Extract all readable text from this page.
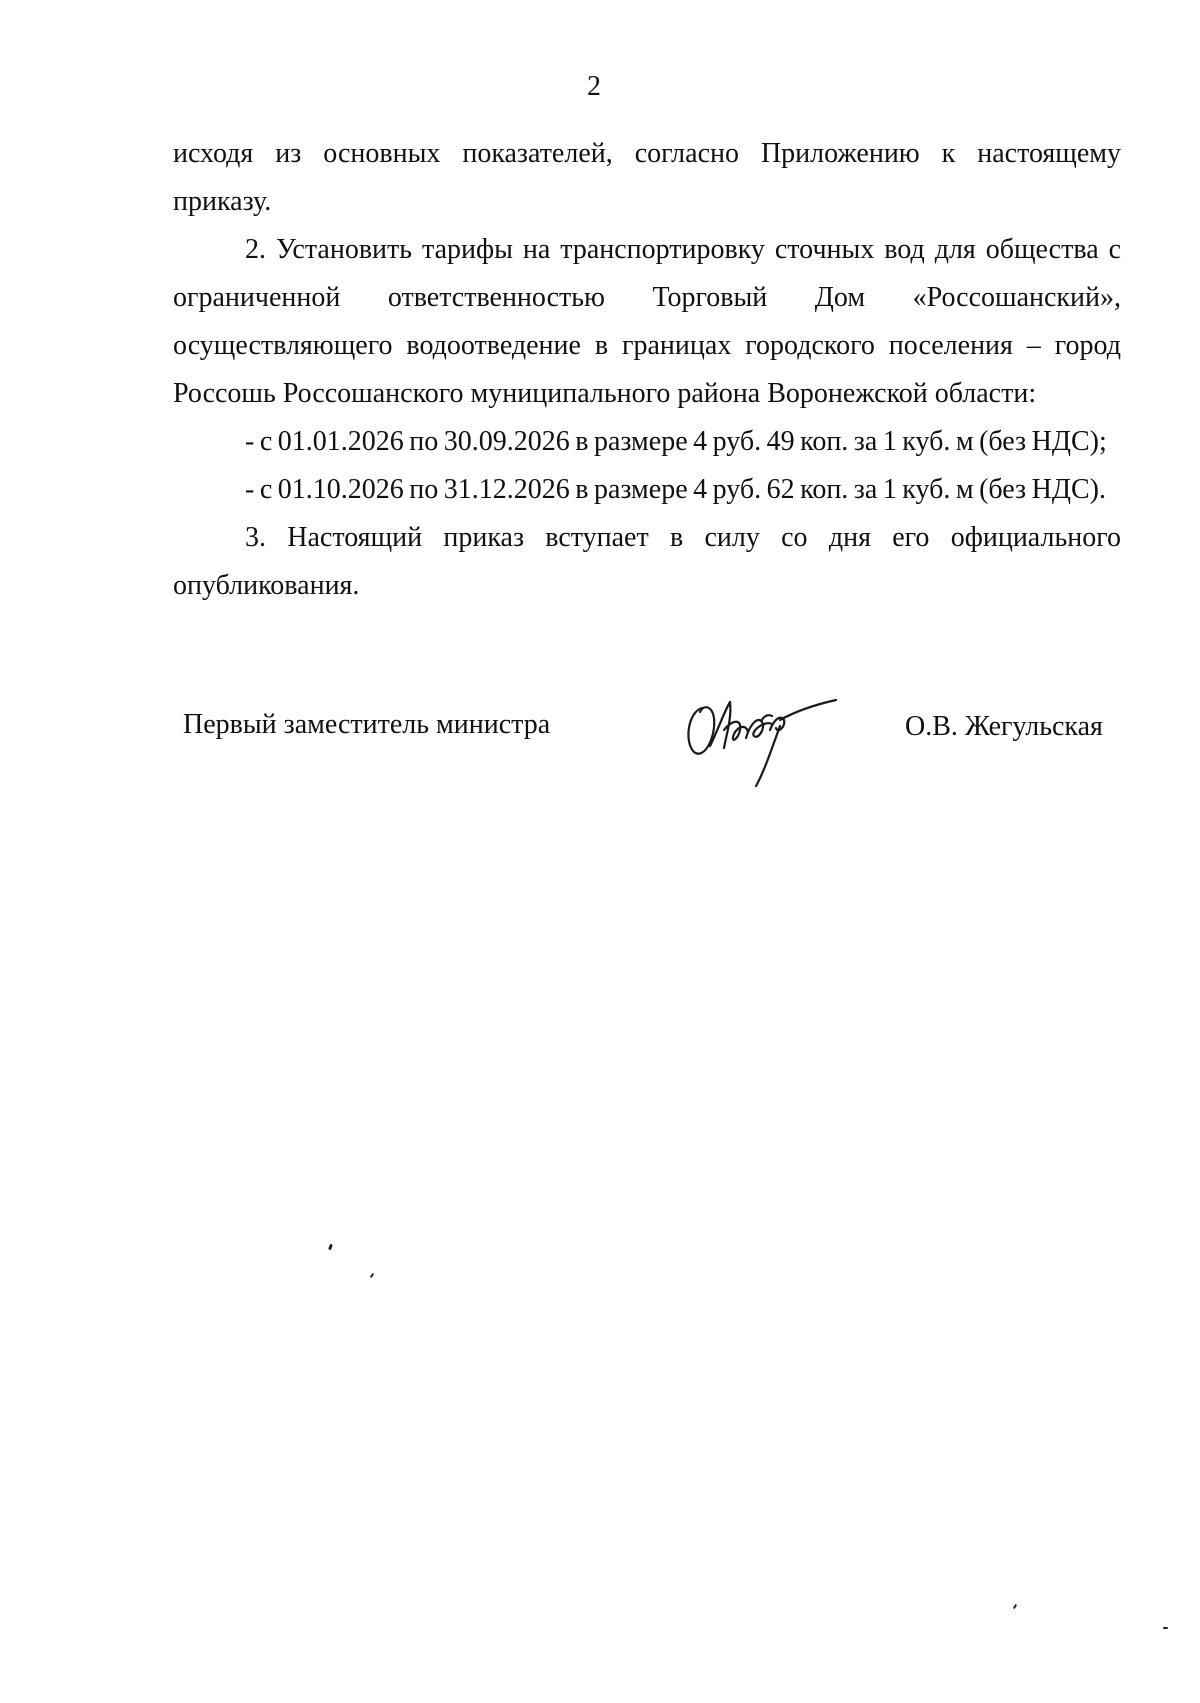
2

исходя из основных показателей, согласно Приложению к настоящему приказу.

2. Установить тарифы на транспортировку сточных вод для общества с ограниченной ответственностью Торговый Дом «Россошанский», осуществляющего водоотведение в границах городского поселения – город Россошь Россошанского муниципального района Воронежской области:

- с 01.01.2026 по 30.09.2026 в размере 4 руб. 49 коп. за 1 куб. м (без НДС);

- с 01.10.2026 по 31.12.2026 в размере 4 руб. 62 коп. за 1 куб. м (без НДС).

3. Настоящий приказ вступает в силу со дня его официального опубликования.

Первый заместитель министра	О.В. Жегульская
